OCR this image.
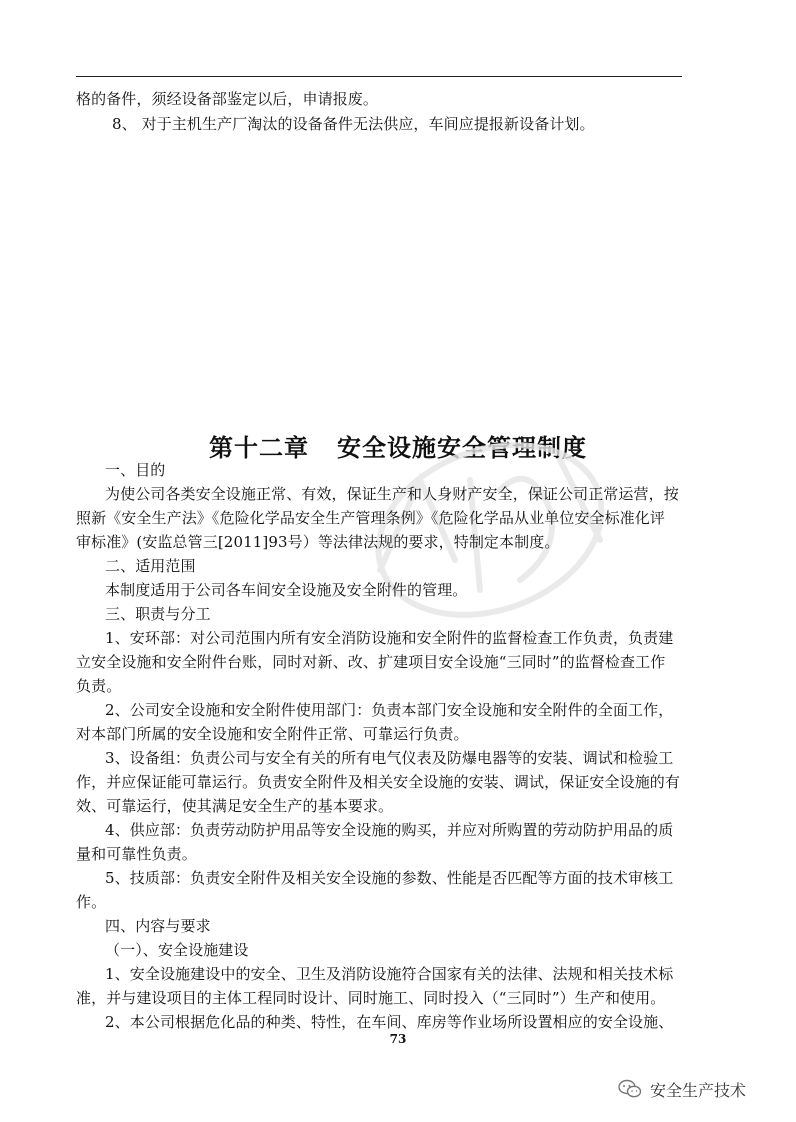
格的备件，须经设备部鉴定以后，申请报废。
8、 对于主机生产厂淘汰的设备备件无法供应，车间应提报新设备计划。
第十二章 安全设施安全管理制度
一、目的
为使公司各类安全设施正常、有效，保证生产和人身财产安全，保证公司正常运营，按
照新《安全生产法》《危险化学品安全生产管理条例》《危险化学品从业单位安全标准化评
审标准》(安监总管三[2011]93号）等法律法规的要求，特制定本制度。
二、适用范围
本制度适用于公司各车间安全设施及安全附件的管理。
三、职责与分工
1、安环部：对公司范围内所有安全消防设施和安全附件的监督检查工作负责，负责建
立安全设施和安全附件台账，同时对新、改、扩建项目安全设施“三同时”的监督检查工作
负责。
2、公司安全设施和安全附件使用部门：负责本部门安全设施和安全附件的全面工作，
对本部门所属的安全设施和安全附件正常、可靠运行负责。
3、设备组：负责公司与安全有关的所有电气仪表及防爆电器等的安装、调试和检验工
作，并应保证能可靠运行。负责安全附件及相关安全设施的安装、调试，保证安全设施的有
效、可靠运行，使其满足安全生产的基本要求。
4、供应部：负责劳动防护用品等安全设施的购买，并应对所购置的劳动防护用品的质
量和可靠性负责。
5、技质部：负责安全附件及相关安全设施的参数、性能是否匹配等方面的技术审核工
作。
四、内容与要求
（一）、安全设施建设
1、安全设施建设中的安全、卫生及消防设施符合国家有关的法律、法规和相关技术标
准，并与建设项目的主体工程同时设计、同时施工、同时投入（“三同时”）生产和使用。
2、本公司根据危化品的种类、特性，在车间、库房等作业场所设置相应的安全设施、
73
安全生产技术
